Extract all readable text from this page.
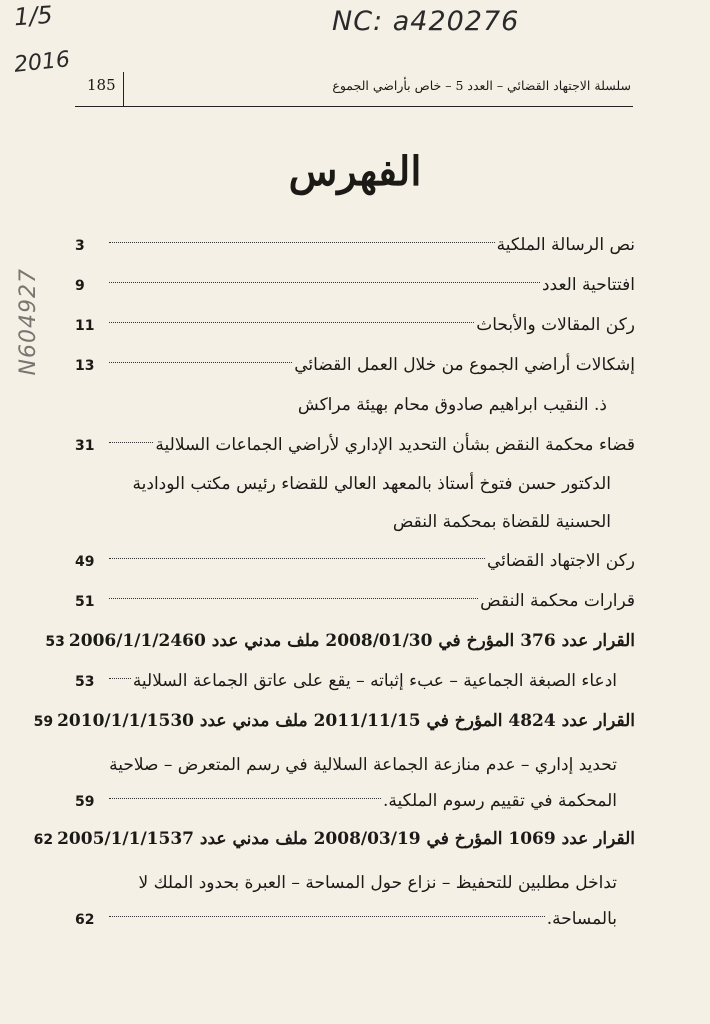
1/5
2016
NC: a420276
N604927
185	سلسلة الاجتهاد القضائي – العدد 5 – خاص بأراضي الجموع
الفهرس
نص الرسالة الملكية
3
افتتاحية العدد
9
ركن المقالات والأبحاث
11
إشكالات أراضي الجموع من خلال العمل القضائي
13
ذ. النقيب ابراهيم صادوق محام بهيئة مراكش
قضاء محكمة النقض بشأن التحديد الإداري لأراضي الجماعات السلالية
31
الدكتور حسن فتوخ أستاذ بالمعهد العالي للقضاء رئيس مكتب الودادية الحسنية للقضاة بمحكمة النقض
ركن الاجتهاد القضائي
49
قرارات محكمة النقض
51
القرار عدد 376 المؤرخ في 2008/01/30 ملف مدني عدد 2006/1/1/2460
53
ادعاء الصبغة الجماعية – عبء إثباته – يقع على عاتق الجماعة السلالية
53
القرار عدد 4824 المؤرخ في 2011/11/15 ملف مدني عدد 2010/1/1/1530
59
تحديد إداري – عدم منازعة الجماعة السلالية في رسم المتعرض – صلاحية
المحكمة في تقييم رسوم الملكية.
59
القرار عدد 1069 المؤرخ في 2008/03/19 ملف مدني عدد 2005/1/1/1537
62
تداخل مطلبين للتحفيظ – نزاع حول المساحة – العبرة بحدود الملك لا
بالمساحة.
62
